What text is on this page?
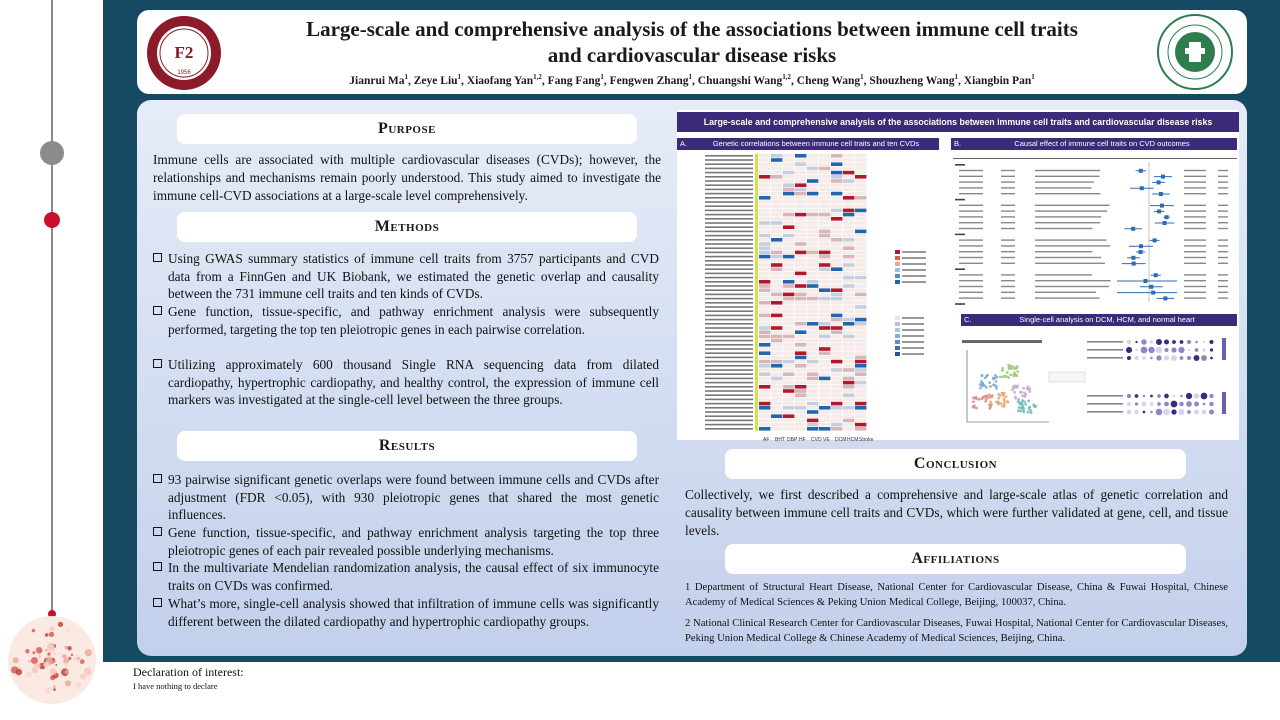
F2
1956
Large-scale and comprehensive analysis of the associations between immune cell traits
and cardiovascular disease risks
Jianrui Ma$^1$, Zeye Liu$^1$, Xiaofang Yan$^{1,2}$, Fang Fang$^1$, Fengwen Zhang$^1$, Chuangshi Wang$^{1,2}$, Cheng Wang$^1$, Shouzheng Wang$^1$, Xiangbin Pan$^1$
Purpose
Immune cells are associated with multiple cardiovascular diseases (CVDs); however, the relationships and mechanisms remain poorly understood. This study aimed to investigate the immune cell-CVD associations at a large-scale level comprehensively.
Methods
Using GWAS summary statistics of immune cell traits from 3757 participants and CVD data from a FinnGen and UK Biobank, we estimated the genetic overlap and causality between the 731 immune cell traits and ten kinds of CVDs.
Gene function, tissue-specific, and pathway enrichment analysis were subsequently performed, targeting the top ten pleiotropic genes in each pairwise correlation.
Utilizing approximately 600 thousand Single RNA sequencing data from dilated cardiopathy, hypertrophic cardiopathy, and healthy control, the expression of immune cell markers was investigated at the single-cell level between the three groups.
Results
93 pairwise significant genetic overlaps were found between immune cells and CVDs after adjustment (FDR <0.05), with 930 pleiotropic genes that shared the most genetic influences.
Gene function, tissue-specific, and pathway enrichment analysis targeting the top three pleiotropic genes of each pair revealed possible underlying mechanisms.
In the multivariate Mendelian randomization analysis, the causal effect of six immunocyte traits on CVDs was confirmed.
What’s more, single-cell analysis showed that infiltration of immune cells was significantly different between the dilated cardiopathy and hypertrophic cardiopathy groups.
Large-scale and comprehensive analysis of the associations between immune cell traits and cardiovascular disease risks
A.	Genetic correlations between immune cell traits and ten CVDs	B.	Causal effect of immune cell traits on CVD outcomes
C.	Single-cell analysis on DCM, HCM, and normal heart
AF BHT DBP HF CVD VE DCM HCM Stroke
Conclusion
Collectively, we first described a comprehensive and large-scale atlas of genetic correlation and causality between immune cell traits and CVDs, which were further validated at gene, cell, and tissue levels.
Affiliations
1 Department of Structural Heart Disease, National Center for Cardiovascular Disease, China & Fuwai Hospital, Chinese Academy of Medical Sciences & Peking Union Medical College, Beijing, 100037, China.
2 National Clinical Research Center for Cardiovascular Diseases, Fuwai Hospital, National Center for Cardiovascular Diseases, Peking Union Medical College & Chinese Academy of Medical Sciences, Beijing, China.
Declaration of interest:
I have nothing to declare
